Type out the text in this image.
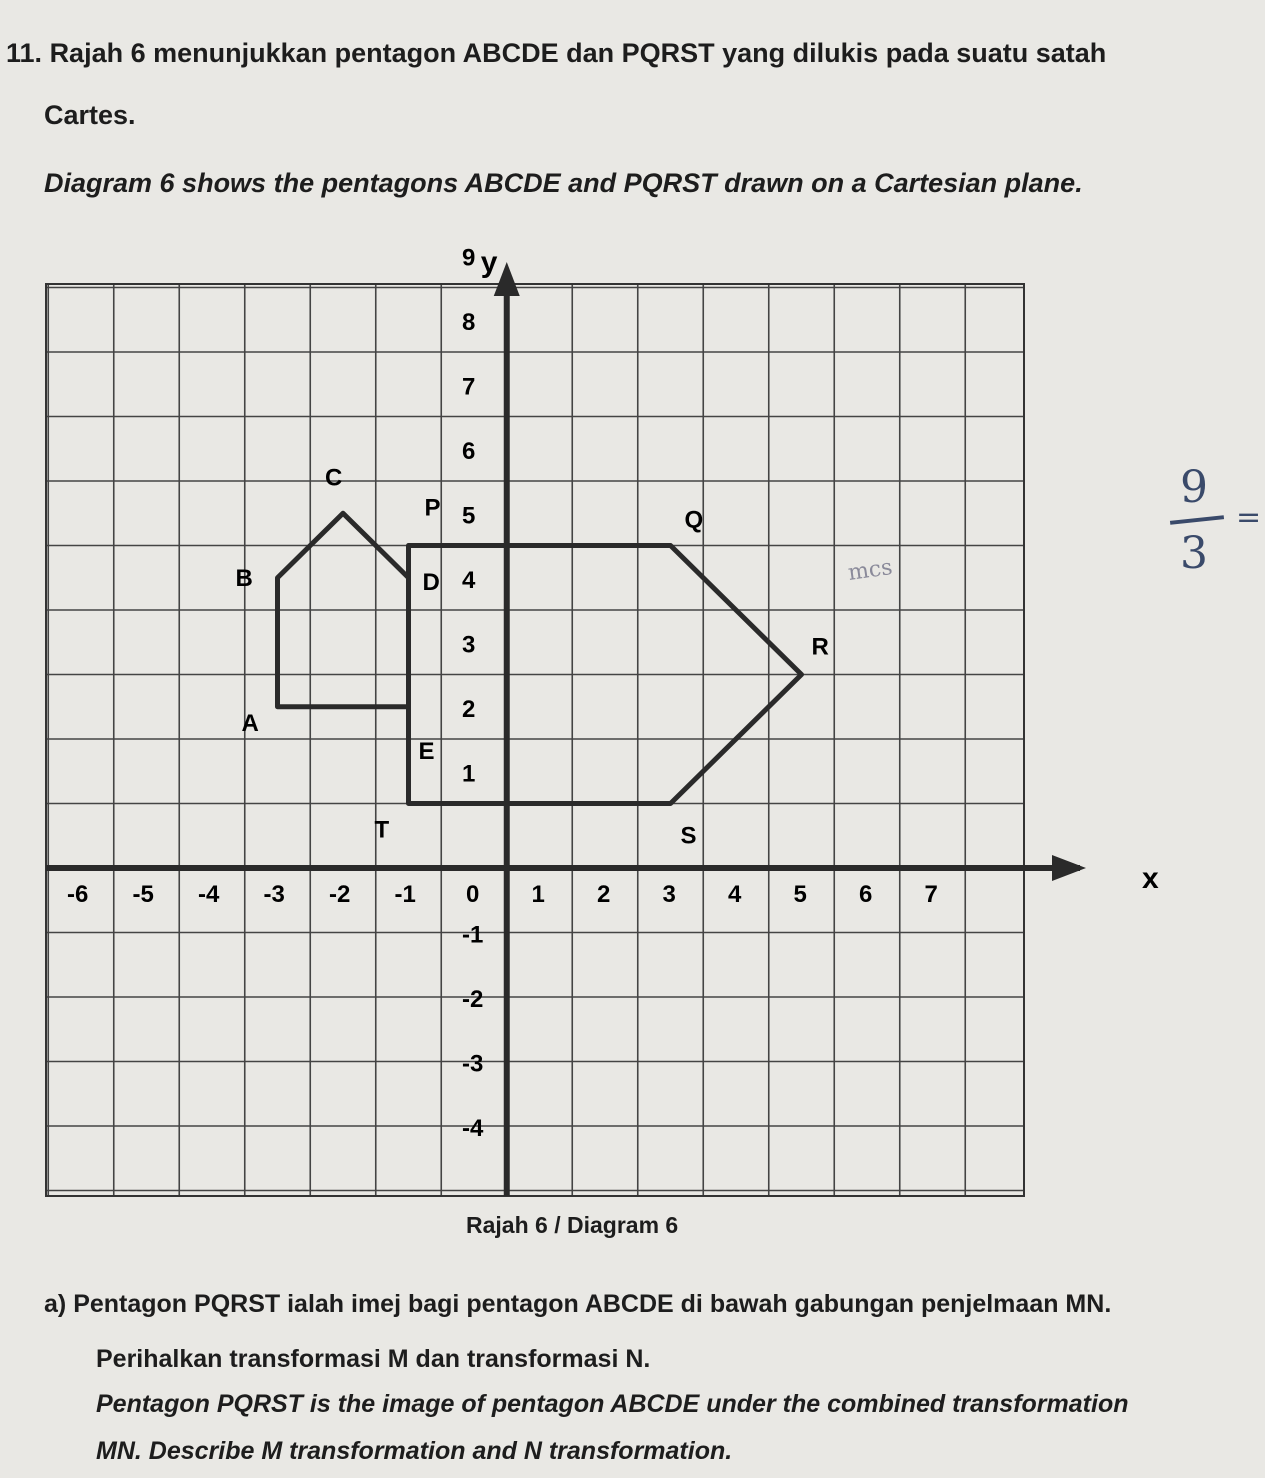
11. Rajah 6 menunjukkan pentagon ABCDE dan PQRST yang dilukis pada suatu satah
Cartes.
Diagram 6 shows the pentagons ABCDE and PQRST drawn on a Cartesian plane.
x
y
-6 -5 -4 -3 -2 -1 0 1 2 3 4 5 6 7
9
8
7
6
5
4
3
2
1
-1
-2
-3
-4
A
B
C
D
E
P	Q
R
S
T
Rajah 6 / Diagram 6
a) Pentagon PQRST ialah imej bagi pentagon ABCDE di bawah gabungan penjelmaan MN.
Perihalkan transformasi M dan transformasi N.
Pentagon PQRST is the image of pentagon ABCDE under the combined transformation
MN. Describe M transformation and N transformation.
9
3
=
mcs
